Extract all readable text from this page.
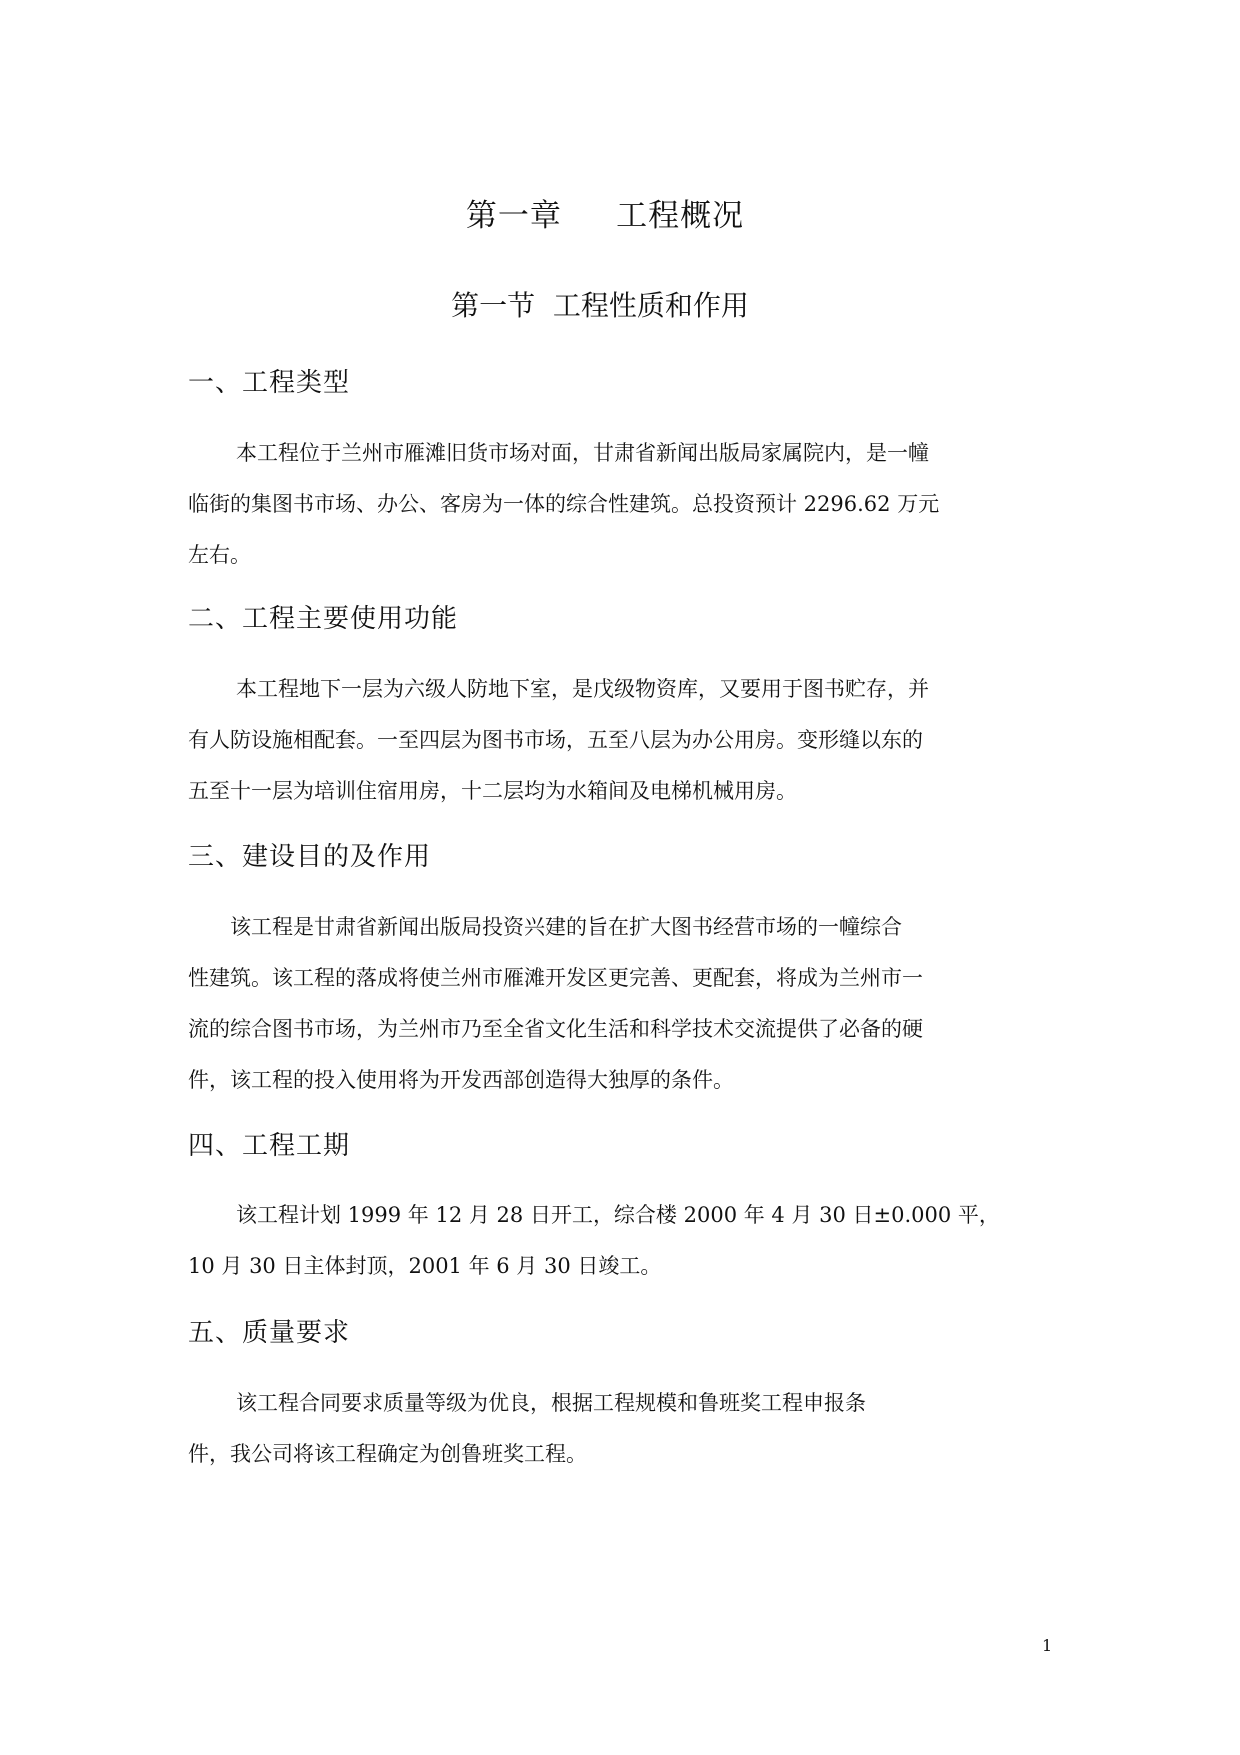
第一章     工程概况
第一节  工程性质和作用
一、工程类型
本工程位于兰州市雁滩旧货市场对面，甘肃省新闻出版局家属院内，是一幢
临街的集图书市场、办公、客房为一体的综合性建筑。总投资预计 2296.62 万元
左右。
二、工程主要使用功能
本工程地下一层为六级人防地下室，是戊级物资库，又要用于图书贮存，并
有人防设施相配套。一至四层为图书市场，五至八层为办公用房。变形缝以东的
五至十一层为培训住宿用房，十二层均为水箱间及电梯机械用房。
三、建设目的及作用
该工程是甘肃省新闻出版局投资兴建的旨在扩大图书经营市场的一幢综合
性建筑。该工程的落成将使兰州市雁滩开发区更完善、更配套，将成为兰州市一
流的综合图书市场，为兰州市乃至全省文化生活和科学技术交流提供了必备的硬
件，该工程的投入使用将为开发西部创造得大独厚的条件。
四、工程工期
该工程计划 1999 年 12 月 28 日开工，综合楼 2000 年 4 月 30 日±0.000 平，
10 月 30 日主体封顶，2001 年 6 月 30 日竣工。
五、质量要求
该工程合同要求质量等级为优良，根据工程规模和鲁班奖工程申报条
件，我公司将该工程确定为创鲁班奖工程。
1
